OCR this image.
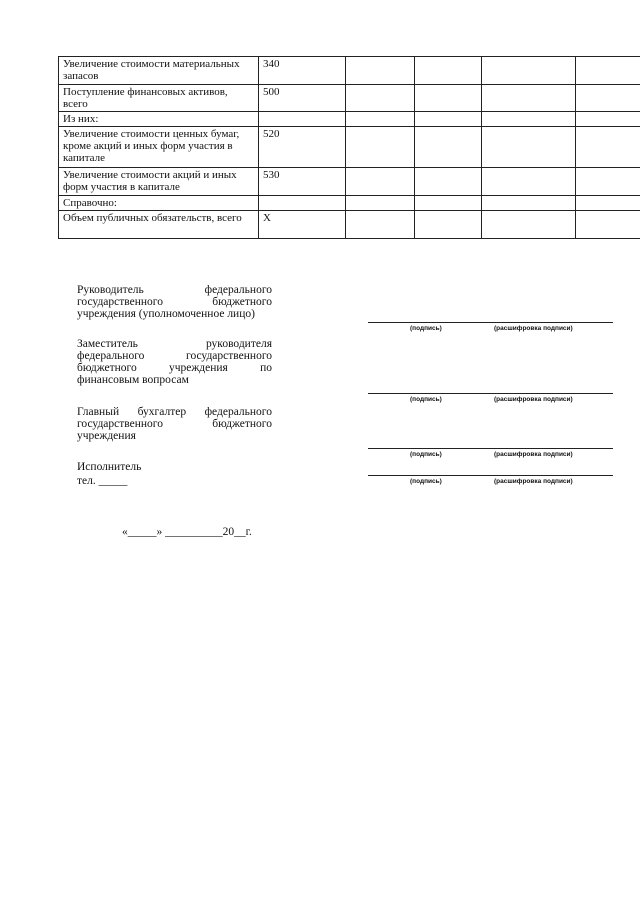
Увеличение стоимости материальных запасов	340				
Поступление финансовых активов, всего	500				
Из них:					
Увеличение стоимости ценных бумаг, кроме акций и иных форм участия в капитале	520				
Увеличение стоимости акций и иных форм участия в капитале	530				
Справочно:					
Объем публичных обязательств, всего	X				
Руководитель федерального государственного бюджетного учреждения (уполномоченное лицо)
Заместитель руководителя федерального государственного бюджетного учреждения по финансовым вопросам
Главный бухгалтер федерального государственного бюджетного учреждения
Исполнитель
тел. _____
(подпись)	(расшифровка подписи)
(подпись)	(расшифровка подписи)
(подпись)	(расшифровка подписи)
(подпись)	(расшифровка подписи)
«_____» __________20__г.
